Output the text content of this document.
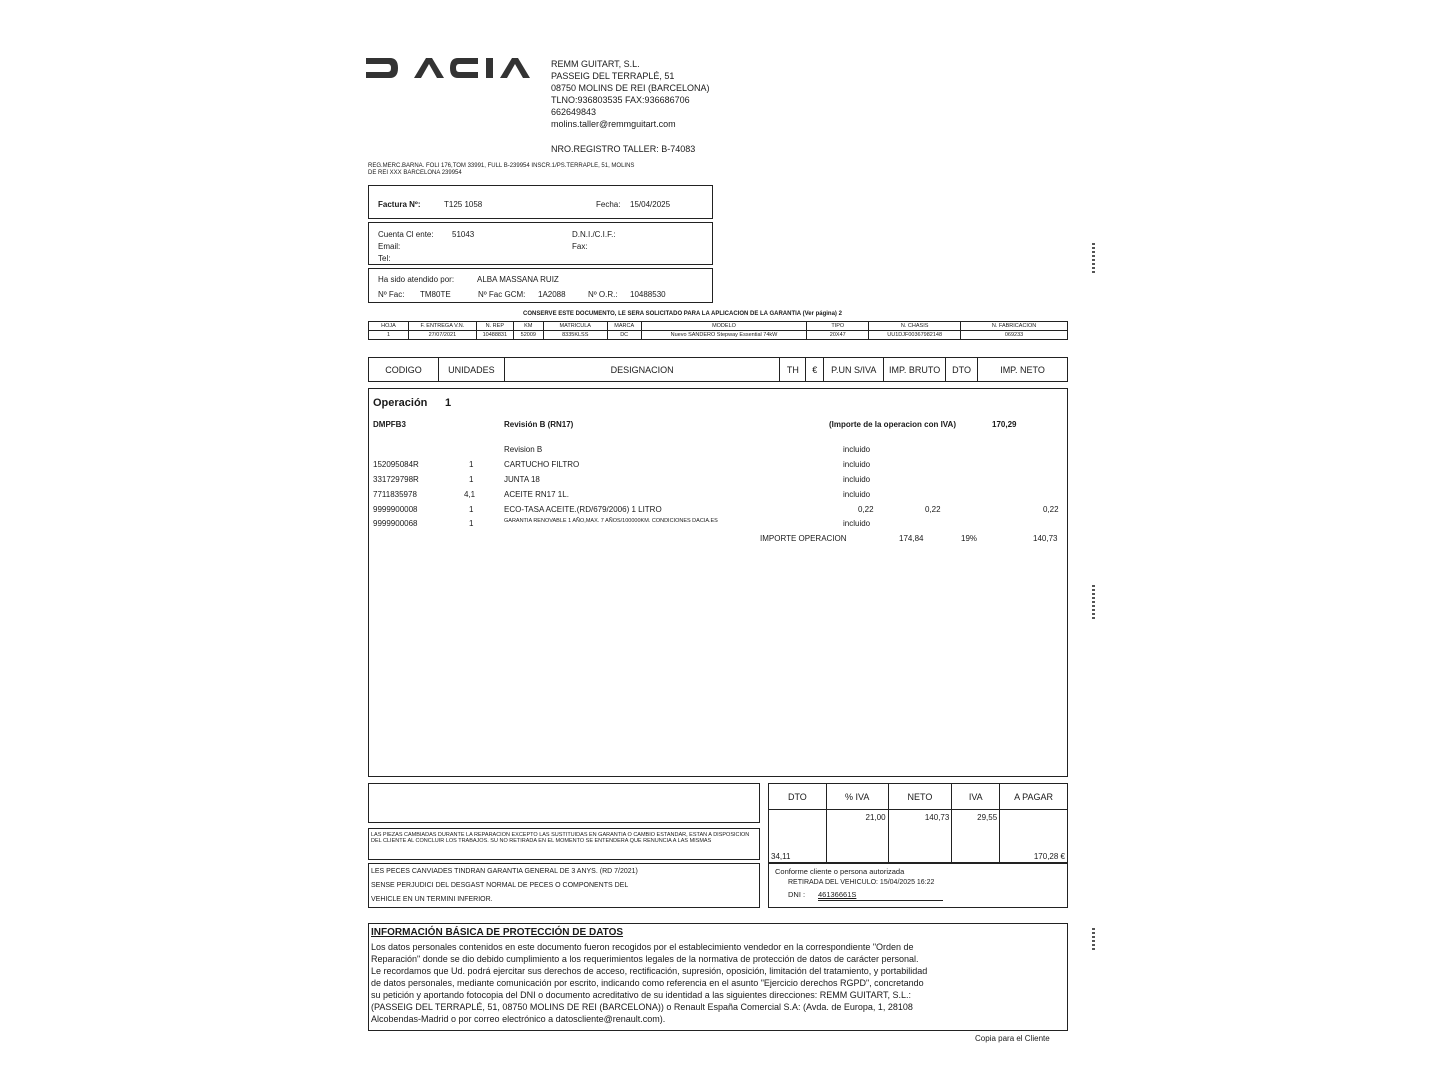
REMM GUITART, S.L.
PASSEIG DEL TERRAPLÉ, 51
08750 MOLINS DE REI (BARCELONA)
TLNO:936803535 FAX:936686706
662649843
molins.taller@remmguitart.com
NRO.REGISTRO TALLER: B-74083
REG.MERC.BARNA. FOLI 176,TOM 33991, FULL B-239954 INSCR.1/PS.TERRAPLE, 51, MOLINS
DE REI XXX BARCELONA 239954
Factura Nº:	T125 1058	Fecha: 15/04/2025
Cuenta Cl ente: 51043	D.N.I./C.I.F.:
Email:	Fax:
Tel:
Ha sido atendido por:	ALBA MASSANA RUIZ
Nº Fac: TM80TE	Nº Fac GCM: 1A2088	Nº O.R.: 10488530
CONSERVE ESTE DOCUMENTO, LE SERA SOLICITADO PARA LA APLICACION DE LA GARANTIA (Ver página) 2
HOJA	F. ENTREGA V.N.	N. REP	KM	MATRICULA	MARCA	MODELO	TIPO	N. CHASIS	N. FABRICACION
1	27/07/2021	10488831	52009	8335KLSS	DC	Nuevo SANDERO Stepway Essential 74kW	20X47	UU1DJF00367982148	069233
CODIGO	UNIDADES	DESIGNACION	TH	€	P.UN S/IVA	IMP. BRUTO	DTO	IMP. NETO
Operación 1
DMPFB3	Revisión B (RN17)	(Importe de la operacion con IVA)	170,29
Revision B	incluido
152095084R	1	CARTUCHO FILTRO	incluido
331729798R	1	JUNTA 18	incluido
7711835978	4,1	ACEITE RN17 1L.	incluido
9999900008	1	ECO-TASA ACEITE.(RD/679/2006) 1 LITRO	0,22	0,22	0,22
9999900068	1	GARANTIA RENOVABLE 1 AÑO,MAX. 7 AÑOS/100000KM. CONDICIONES DACIA.ES	incluido
IMPORTE OPERACION	174,84	19%	140,73
LAS PIEZAS CAMBIADAS DURANTE LA REPARACION EXCEPTO LAS SUSTITUIDAS EN GARANTIA O CAMBIO ESTANDAR, ESTAN A DISPOSICION DEL CLIENTE AL CONCLUIR LOS TRABAJOS. SU NO RETIRADA EN EL MOMENTO SE ENTENDERA QUE RENUNCIA A LAS MISMAS
LES PECES CANVIADES TINDRAN GARANTIA GENERAL DE 3 ANYS. (RD 7/2021)
SENSE PERJUDICI DEL DESGAST NORMAL DE PECES O COMPONENTS DEL
VEHICLE EN UN TERMINI INFERIOR.
DTO	% IVA	NETO	IVA	A PAGAR
34,11	21,00	140,73	29,55	170,28 €
Conforme cliente o persona autorizada
RETIRADA DEL VEHICULO: 15/04/2025 16:22
DNI : 46136661S
INFORMACIÓN BÁSICA DE PROTECCIÓN DE DATOS
Los datos personales contenidos en este documento fueron recogidos por el establecimiento vendedor en la correspondiente "Orden de
Reparación" donde se dio debido cumplimiento a los requerimientos legales de la normativa de protección de datos de carácter personal.
Le recordamos que Ud. podrá ejercitar sus derechos de acceso, rectificación, supresión, oposición, limitación del tratamiento, y portabilidad
de datos personales, mediante comunicación por escrito, indicando como referencia en el asunto "Ejercicio derechos RGPD", concretando
su petición y aportando fotocopia del DNI o documento acreditativo de su identidad a las siguientes direcciones: REMM GUITART, S.L.:
(PASSEIG DEL TERRAPLÉ, 51, 08750 MOLINS DE REI (BARCELONA)) o Renault España Comercial S.A: (Avda. de Europa, 1, 28108
Alcobendas-Madrid o por correo electrónico a datoscliente@renault.com).
Copia para el Cliente
